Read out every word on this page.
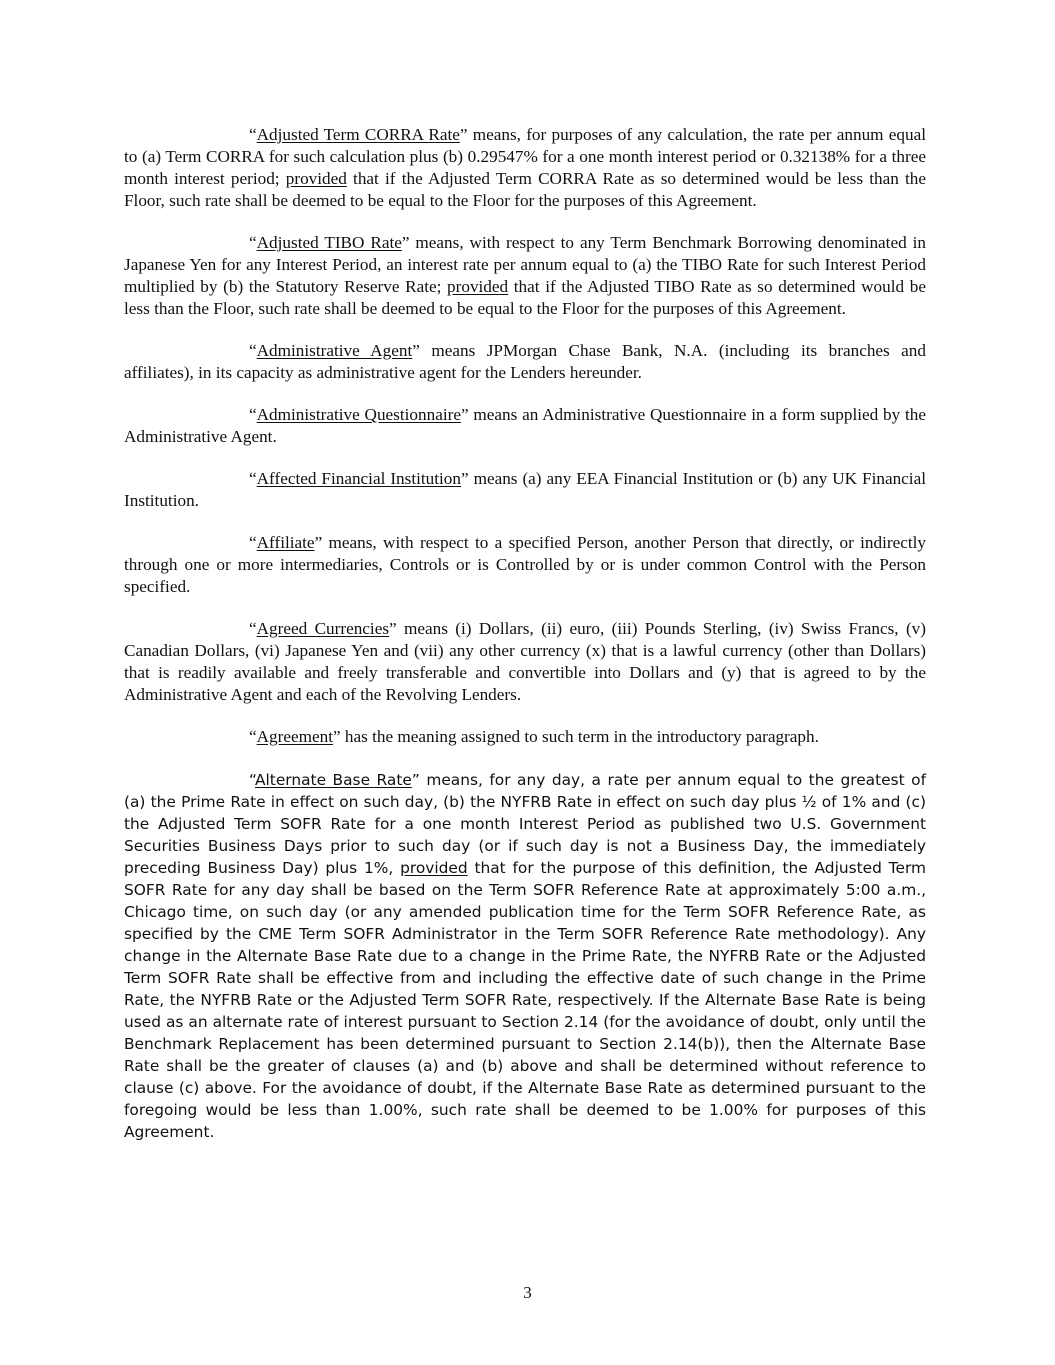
“Adjusted Term CORRA Rate” means, for purposes of any calculation, the rate per annum equal to (a) Term CORRA for such calculation plus (b) 0.29547% for a one month interest period or 0.32138% for a three month interest period; provided that if the Adjusted Term CORRA Rate as so determined would be less than the Floor, such rate shall be deemed to be equal to the Floor for the purposes of this Agreement.

“Adjusted TIBO Rate” means, with respect to any Term Benchmark Borrowing denominated in Japanese Yen for any Interest Period, an interest rate per annum equal to (a) the TIBO Rate for such Interest Period multiplied by (b) the Statutory Reserve Rate; provided that if the Adjusted TIBO Rate as so determined would be less than the Floor, such rate shall be deemed to be equal to the Floor for the purposes of this Agreement.

“Administrative Agent” means JPMorgan Chase Bank, N.A. (including its branches and affiliates), in its capacity as administrative agent for the Lenders hereunder.

“Administrative Questionnaire” means an Administrative Questionnaire in a form supplied by the Administrative Agent.

“Affected Financial Institution” means (a) any EEA Financial Institution or (b) any UK Financial Institution.

“Affiliate” means, with respect to a specified Person, another Person that directly, or indirectly through one or more intermediaries, Controls or is Controlled by or is under common Control with the Person specified.

“Agreed Currencies” means (i) Dollars, (ii) euro, (iii) Pounds Sterling, (iv) Swiss Francs, (v) Canadian Dollars, (vi) Japanese Yen and (vii) any other currency (x) that is a lawful currency (other than Dollars) that is readily available and freely transferable and convertible into Dollars and (y) that is agreed to by the Administrative Agent and each of the Revolving Lenders.

“Agreement” has the meaning assigned to such term in the introductory paragraph.

“Alternate Base Rate” means, for any day, a rate per annum equal to the greatest of (a) the Prime Rate in effect on such day, (b) the NYFRB Rate in effect on such day plus ½ of 1% and (c) the Adjusted Term SOFR Rate for a one month Interest Period as published two U.S. Government Securities Business Days prior to such day (or if such day is not a Business Day, the immediately preceding Business Day) plus 1%, provided that for the purpose of this definition, the Adjusted Term SOFR Rate for any day shall be based on the Term SOFR Reference Rate at approximately 5:00 a.m., Chicago time, on such day (or any amended publication time for the Term SOFR Reference Rate, as specified by the CME Term SOFR Administrator in the Term SOFR Reference Rate methodology). Any change in the Alternate Base Rate due to a change in the Prime Rate, the NYFRB Rate or the Adjusted Term SOFR Rate shall be effective from and including the effective date of such change in the Prime Rate, the NYFRB Rate or the Adjusted Term SOFR Rate, respectively. If the Alternate Base Rate is being used as an alternate rate of interest pursuant to Section 2.14 (for the avoidance of doubt, only until the Benchmark Replacement has been determined pursuant to Section 2.14(b)), then the Alternate Base Rate shall be the greater of clauses (a) and (b) above and shall be determined without reference to clause (c) above. For the avoidance of doubt, if the Alternate Base Rate as determined pursuant to the foregoing would be less than 1.00%, such rate shall be deemed to be 1.00% for purposes of this Agreement.

3
